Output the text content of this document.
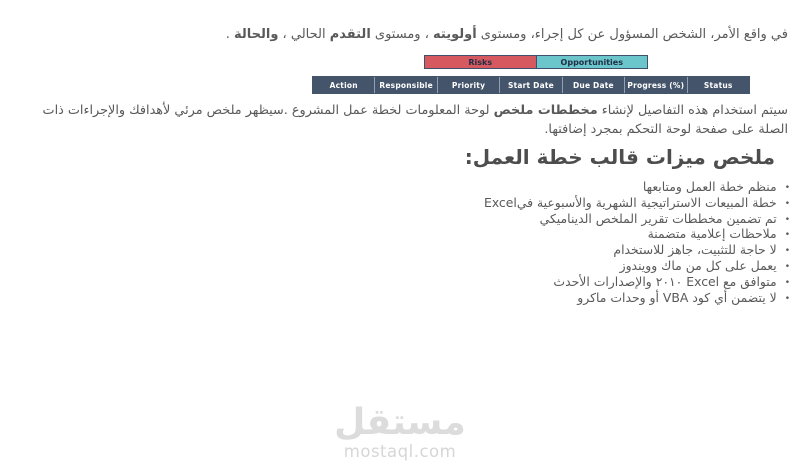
في واقع الأمر، الشخص المسؤول عن كل إجراء، ومستوى أولويته ، ومستوى التقدم الحالي ، والحالة .

Risks	Opportunities
Action	Responsible	Priority	Start Date	Due Date	Progress (%)	Status

سيتم استخدام هذه التفاصيل لإنشاء مخططات ملخص لوحة المعلومات لخطة عمل المشروع .سيظهر ملخص مرئي لأهدافك والإجراءات ذات الصلة على صفحة لوحة التحكم بمجرد إضافتها.

ملخص ميزات قالب خطة العمل:
•منظم خطة العمل ومتابعها
•خطة المبيعات الاستراتيجية الشهرية والأسبوعية فيExcel
•تم تضمين مخططات تقرير الملخص الديناميكي
•ملاحظات إعلامية متضمنة
•لا حاجة للتثبيت، جاهز للاستخدام
•يعمل على كل من ماك وويندوز
•متوافق مع Excel ٢٠١٠ والإصدارات الأحدث
•لا يتضمن أي كود VBA أو وحدات ماكرو
مستقل
mostaql.com
